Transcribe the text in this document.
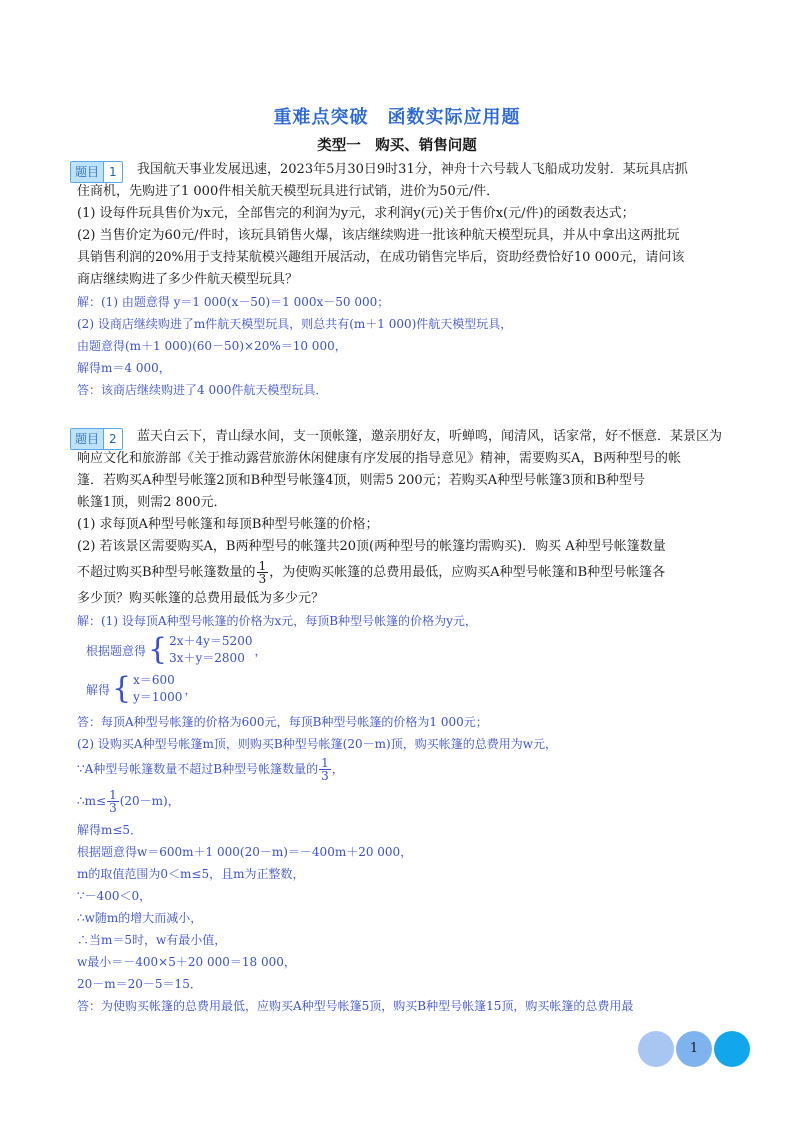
重难点突破　函数实际应用题
类型一　购买、销售问题
题目 1	我国航天事业发展迅速，2023年5月30日9时31分，神舟十六号载人飞船成功发射．某玩具店抓
住商机，先购进了1 000件相关航天模型玩具进行试销，进价为50元/件．
(1) 设每件玩具售价为x元，全部售完的利润为y元，求利润y(元)关于售价x(元/件)的函数表达式；
(2) 当售价定为60元/件时，该玩具销售火爆，该店继续购进一批该种航天模型玩具，并从中拿出这两批玩
具销售利润的20%用于支持某航模兴趣组开展活动，在成功销售完毕后，资助经费恰好10 000元，请问该
商店继续购进了多少件航天模型玩具？
解：(1) 由题意得 y＝1 000(x－50)＝1 000x－50 000；
(2) 设商店继续购进了m件航天模型玩具，则总共有(m＋1 000)件航天模型玩具，
由题意得(m＋1 000)(60－50)×20%＝10 000，
解得m＝4 000，
答：该商店继续购进了4 000件航天模型玩具．
题目 2	蓝天白云下，青山绿水间，支一顶帐篷，邀亲朋好友，听蝉鸣，闻清风，话家常，好不惬意．某景区为
响应文化和旅游部《关于推动露营旅游休闲健康有序发展的指导意见》精神，需要购买A，B两种型号的帐
篷．若购买A种型号帐篷2顶和B种型号帐篷4顶，则需5 200元；若购买A种型号帐篷3顶和B种型号
帐篷1顶，则需2 800元．
(1) 求每顶A种型号帐篷和每顶B种型号帐篷的价格；
(2) 若该景区需要购买A，B两种型号的帐篷共20顶(两种型号的帐篷均需购买)．购买 A种型号帐篷数量
不超过购买B种型号帐篷数量的 $\frac{1}{3}$ ，为使购买帐篷的总费用最低，应购买A种型号帐篷和B种型号帐篷各
多少顶？购买帐篷的总费用最低为多少元？
解：(1) 设每顶A种型号帐篷的价格为x元，每顶B种型号帐篷的价格为y元，
根据题意得 { 2x＋4y＝5200
3x＋y＝2800
，
解得 { x＝600
y＝1000
，
答：每顶A种型号帐篷的价格为600元，每顶B种型号帐篷的价格为1 000元；
(2) 设购买A种型号帐篷m顶，则购买B种型号帐篷(20－m)顶，购买帐篷的总费用为w元，
∵A种型号帐篷数量不超过B种型号帐篷数量的 $\frac{1}{3}$ ，
∴m≤ $\frac{1}{3} (20-m)$，
解得m≤5．
根据题意得w＝600m＋1 000(20－m)＝－400m＋20 000，
m的取值范围为0＜m≤5，且m为正整数，
∵－400＜0，
∴w随m的增大而减小，
∴当m＝5时，w有最小值，
w最小＝－400×5＋20 000＝18 000，
20－m＝20－5＝15．
答：为使购买帐篷的总费用最低，应购买A种型号帐篷5顶，购买B种型号帐篷15顶，购买帐篷的总费用最
1
